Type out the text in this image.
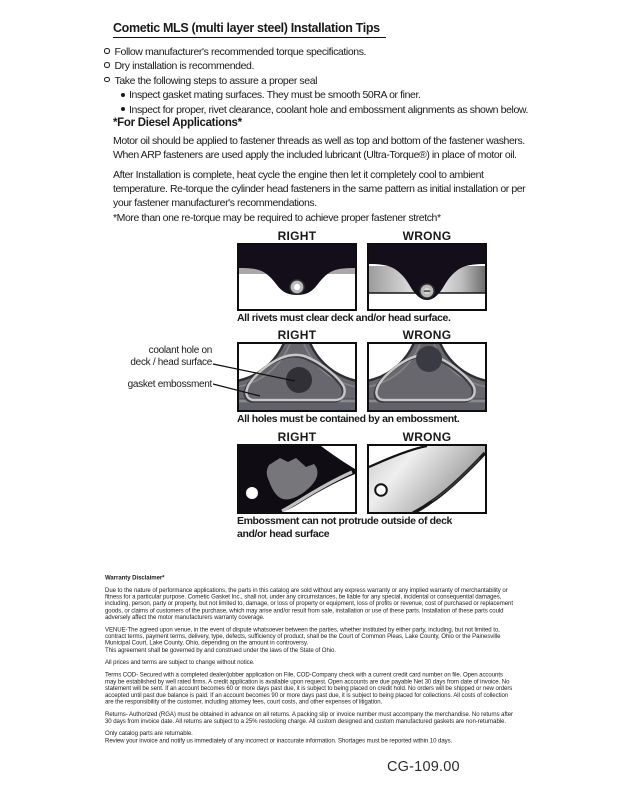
Cometic MLS (multi layer steel) Installation Tips
Follow manufacturer's recommended torque specifications.
Dry installation is recommended.
Take the following steps to assure a proper seal
Inspect gasket mating surfaces. They must be smooth 50RA or finer.
Inspect for proper, rivet clearance, coolant hole and embossment alignments as shown below.
*For Diesel Applications*

Motor oil should be applied to fastener threads as well as top and bottom of the fastener washers. When ARP fasteners are used apply the included lubricant (Ultra-Torque®) in place of motor oil.

After Installation is complete, heat cycle the engine then let it completely cool to ambient temperature. Re-torque the cylinder head fasteners in the same pattern as initial installation or per your fastener manufacturer's recommendations.

*More than one re-torque may be required to achieve proper fastener stretch*

RIGHT	WRONG
All rivets must clear deck and/or head surface.
RIGHT	WRONG
All holes must be contained by an embossment.
RIGHT	WRONG
Embossment can not protrude outside of deck
and/or head surface
coolant hole on
deck / head surface
gasket embossment

Warranty Disclaimer*

Due to the nature of performance applications, the parts in this catalog are sold without any express warranty or any implied warranty of merchantability or fitness for a particular purpose. Cometic Gasket Inc., shall not, under any circumstances, be liable for any special, incidental or consequential damages, including, person, party or property, but not limited to, damage, or loss of property or equipment, loss of profits or revenue, cost of purchased or replacement goods, or claims of customers of the purchase, which may arise and/or result from sale, installation or use of these parts. Installation of these parts could adversely affect the motor manufacturers warranty coverage.

VENUE-The agreed upon venue, in the event of dispute whatsoever between the parties, whether instituted by either party, including, but not limited to, contract terms, payment terms, delivery, type, defects, sufficiency of product, shall be the Court of Common Pleas, Lake County, Ohio or the Painesville Municipal Court, Lake County, Ohio, depending on the amount in controversy.

This agreement shall be governed by and construed under the laws of the State of Ohio.

All prices and terms are subject to change without notice.

Terms COD- Secured with a completed dealer/jobber application on File, COD-Company check with a current credit card number on file. Open accounts may be established by well rated firms. A credit application is available upon request. Open accounts are due payable Net 30 days from date of invoice. No statement will be sent. If an account becomes 60 or more days past due, it is subject to being placed on credit hold. No orders will be shipped or new orders accepted until past due balance is paid. If an account becomes 90 or more days past due, it is subject to being placed for collections. All costs of collection are the responsibility of the customer, including attorney fees, court costs, and other expenses of litigation.

Returns- Authorized (RGA) must be obtained in advance on all returns. A packing slip or invoice number must accompany the merchandise. No returns after 30 days from invoice date. All returns are subject to a 25% restocking charge. All custom designed and custom manufactured gaskets are non-returnable.

Only catalog parts are returnable.

Review your invoice and notify us immediately of any incorrect or inaccurate information. Shortages must be reported within 10 days.

CG-109.00
